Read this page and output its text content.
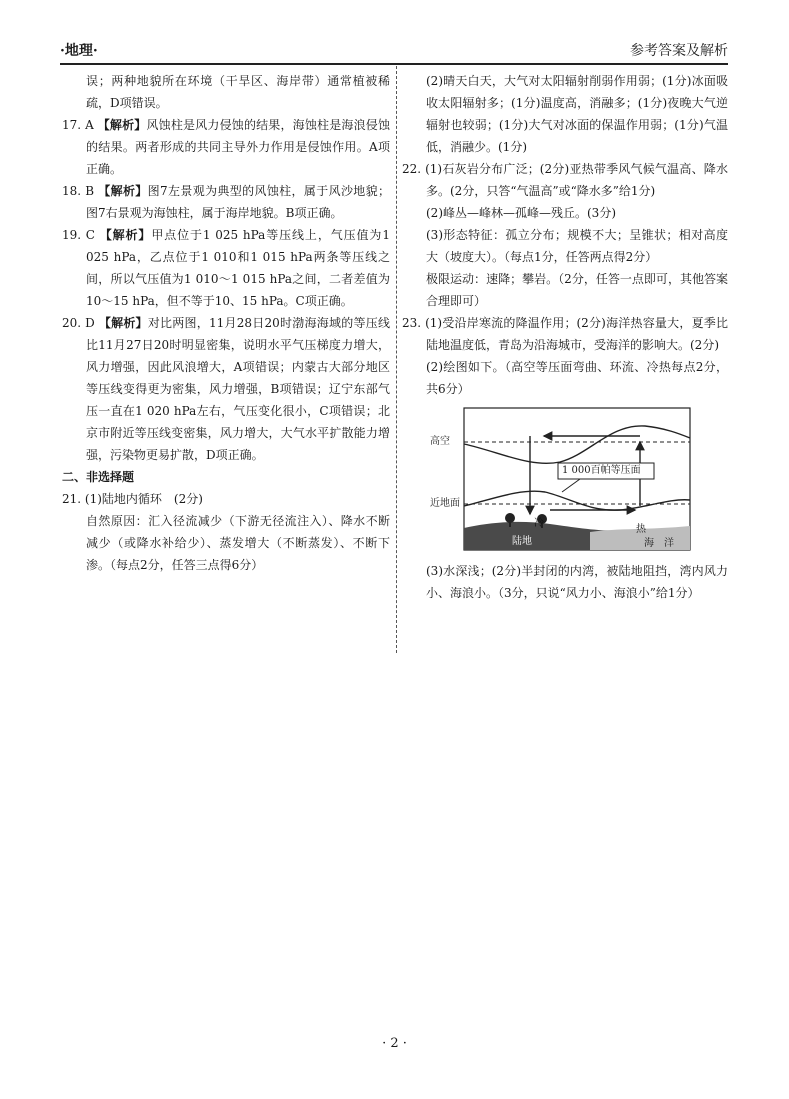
·地理·	参考答案及解析

误；两种地貌所在环境（干旱区、海岸带）通常植被稀疏，D项错误。

17. A 【解析】风蚀柱是风力侵蚀的结果，海蚀柱是海浪侵蚀的结果。两者形成的共同主导外力作用是侵蚀作用。A项正确。

18. B 【解析】图7左景观为典型的风蚀柱，属于风沙地貌；图7右景观为海蚀柱，属于海岸地貌。B项正确。

19. C 【解析】甲点位于1 025 hPa等压线上，气压值为1 025 hPa，乙点位于1 010和1 015 hPa两条等压线之间，所以气压值为1 010～1 015 hPa之间，二者差值为10～15 hPa，但不等于10、15 hPa。C项正确。

20. D 【解析】对比两图，11月28日20时渤海海域的等压线比11月27日20时明显密集，说明水平气压梯度力增大，风力增强，因此风浪增大，A项错误；内蒙古大部分地区等压线变得更为密集，风力增强，B项错误；辽宁东部气压一直在1 020 hPa左右，气压变化很小，C项错误；北京市附近等压线变密集，风力增大，大气水平扩散能力增强，污染物更易扩散，D项正确。

二、非选择题

21. (1)陆地内循环　(2分)

自然原因：汇入径流减少（下游无径流注入）、降水不断减少（或降水补给少）、蒸发增大（不断蒸发）、不断下渗。（每点2分，任答三点得6分）

(2)晴天白天，大气对太阳辐射削弱作用弱；(1分)冰面吸收太阳辐射多；(1分)温度高，消融多；(1分)夜晚大气逆辐射也较弱；(1分)大气对冰面的保温作用弱；(1分)气温低，消融少。(1分)

22. (1)石灰岩分布广泛；(2分)亚热带季风气候气温高、降水多。(2分，只答“气温高”或“降水多”给1分)

(2)峰丛—峰林—孤峰—残丘。(3分)

(3)形态特征：孤立分布；规模不大；呈锥状；相对高度大（坡度大）。（每点1分，任答两点得2分）

极限运动：速降；攀岩。（2分，任答一点即可，其他答案合理即可）

23. (1)受沿岸寒流的降温作用；(2分)海洋热容量大，夏季比陆地温度低，青岛为沿海城市，受海洋的影响大。(2分)

(2)绘图如下。（高空等压面弯曲、环流、冷热每点2分，共6分）

高空
近地面
1 000百帕等压面
冷
热
陆地	海　洋

(3)水深浅；(2分)半封闭的内湾，被陆地阻挡，湾内风力小、海浪小。（3分，只说“风力小、海浪小”给1分）

· 2 ·
